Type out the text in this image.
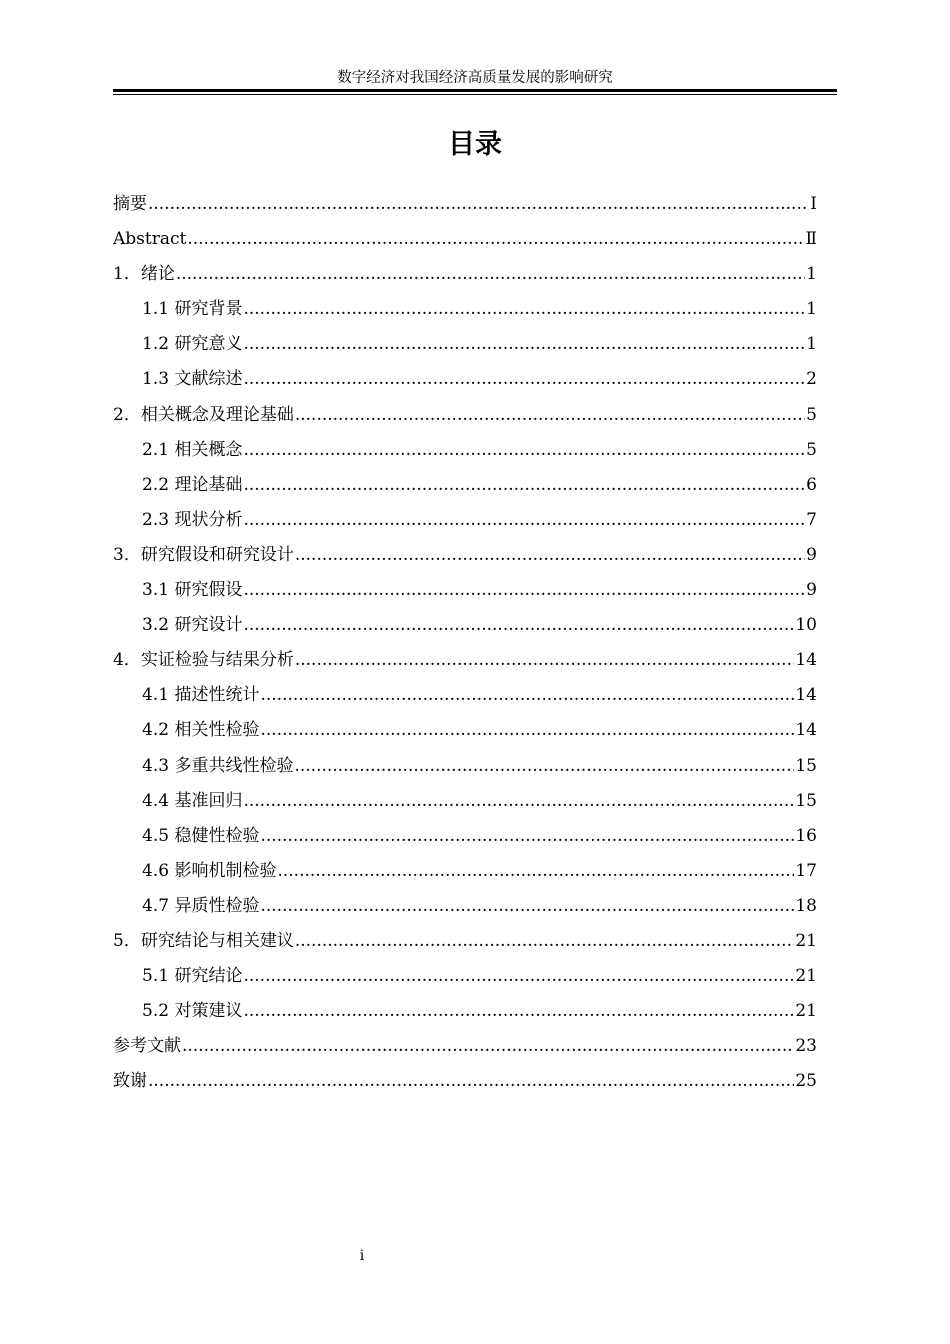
数字经济对我国经济高质量发展的影响研究
目录
摘要 .....	I
Abstract .....	Ⅱ
1．绪论 .....	1
1.1 研究背景 .....	1
1.2 研究意义 .....	1
1.3 文献综述 .....	2
2．相关概念及理论基础 .....	5
2.1 相关概念 .....	5
2.2 理论基础 .....	6
2.3 现状分析 .....	7
3．研究假设和研究设计 .....	9
3.1 研究假设 .....	9
3.2 研究设计 .....	10
4．实证检验与结果分析 .....	14
4.1 描述性统计 .....	14
4.2 相关性检验 .....	14
4.3 多重共线性检验 .....	15
4.4 基准回归 .....	15
4.5 稳健性检验 .....	16
4.6 影响机制检验 .....	17
4.7 异质性检验 .....	18
5．研究结论与相关建议 .....	21
5.1 研究结论 .....	21
5.2 对策建议 .....	21
参考文献 .....	23
致谢 .....	25
i
